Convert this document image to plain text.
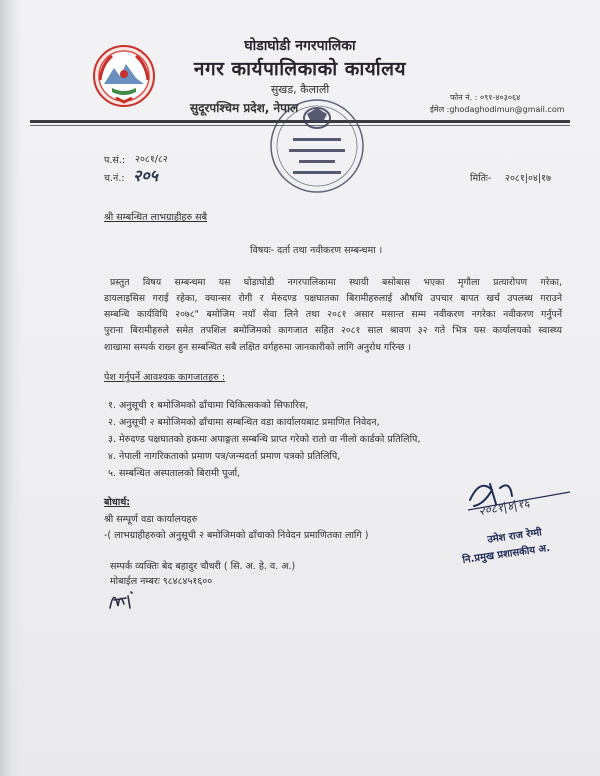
घोडाघोडी नगरपालिका
नगर कार्यपालिकाको कार्यालय
सुखड, कैलाली
सुदूरपश्चिम प्रदेश, नेपाल
फोन नं. : ०९१-४०३०६४
ईमेल :ghodaghodimun@gmail.com
प.सं.: २०८१/८२
च.नं.: २०५	मितिः- २०८१|०४|१७
श्री सम्बन्धित लाभग्राहीहरु सबै
विषयः- दर्ता तथा नवीकरण सम्बन्धमा ।
प्रस्तुत विषय सम्बन्धमा यस घोडाघोडी नगरपालिकामा स्थायी बसोबास भएका मृगौला प्रत्यारोपण गरेका,
डायलाइसिस गराई रहेका, क्यान्सर रोगी र मेरुदण्ड पक्षघातका बिरामीहरुलाई औषधि उपचार बापत खर्च उपलब्ध गराउने
सम्बन्धि कार्यविधि २०७८" बमोजिम नयाँ सेवा लिने तथा २०८१ असार मसान्त सम्म नवीकरण नगरेका नवीकरण गर्नुपर्ने
पुराना बिरामीहरुले समेत तपशिल बमोजिमको कागजात सहित २०८१ साल श्रावण ३२ गते भित्र यस कार्यालयको स्वास्थ्य
शाखामा सम्पर्क राख्न हुन सम्बन्धित सबै लक्षित वर्गहरुमा जानकारीको लागि अनुरोध गरिन्छ ।
पेश गर्नुपर्ने आवश्यक कागजातहरु :
१. अनुसूची १ बमोजिमको ढाँचामा चिकित्सकको सिफारिस,
२. अनुसूची २ बमोजिमको ढाँचामा सम्बन्धित वडा कार्यालयबाट प्रमाणित निवेदन,
३. मेरुदण्ड पक्षघातको हकमा अपाङ्गता सम्बन्धि प्राप्त गरेको रातो वा नीलो कार्डको प्रतिलिपि,
४. नेपाली नागरिकताको प्रमाण पत्र/जन्मदर्ता प्रमाण पत्रको प्रतिलिपि,
५. सम्बन्धित अस्पतालको बिरामी पूर्जा,
बोधार्थ:
श्री सम्पूर्ण वडा कार्यालयहरु
-( लाभग्राहीहरुको अनुसूची २ बमोजिमको ढाँचाको निवेदन प्रमाणितका लागि )
सम्पर्क व्यक्तिः बेद बहादुर चौधरी ( सि. अ. हे. व. अ.)
मोबाईल नम्बरः ९८४८४५१६००
२०८१|४|१६
उमेश राज रेग्मी
नि.प्रमुख प्रशासकीय अ.
